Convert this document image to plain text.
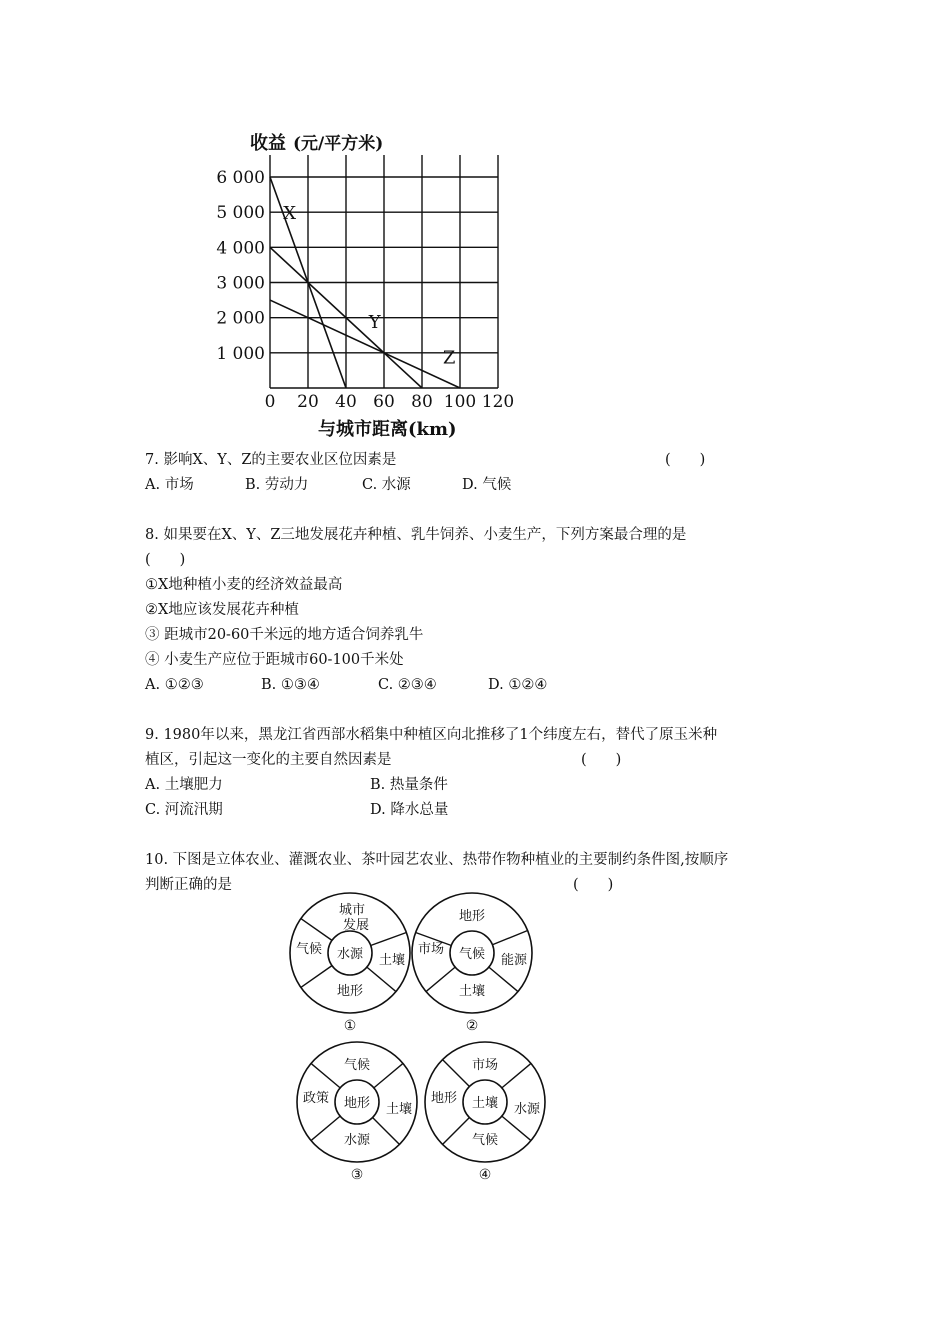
收益 (元/平方米)
0 20 40 60 80 100 120
1 000
2 000
3 000
4 000
5 000
6 000
X
Y
Z
与城市距离(km)
7. 影响X、Y、Z的主要农业区位因素是	(　　)
A. 市场	B. 劳动力	C. 水源	D. 气候
8. 如果要在X、Y、Z三地发展花卉种植、乳牛饲养、小麦生产，下列方案最合理的是
(　　)
①X地种植小麦的经济效益最高
②X地应该发展花卉种植
③ 距城市20-60千米远的地方适合饲养乳牛
④ 小麦生产应位于距城市60-100千米处
A. ①②③	B. ①③④	C. ②③④	D. ①②④
9. 1980年以来，黑龙江省西部水稻集中种植区向北推移了1个纬度左右，替代了原玉米种
植区，引起这一变化的主要自然因素是	(　　)
A. 土壤肥力	B. 热量条件
C. 河流汛期	D. 降水总量
10. 下图是立体农业、灌溉农业、茶叶园艺农业、热带作物种植业的主要制约条件图,按顺序
判断正确的是	(　　)
水源
城市
发展
土壤
地形
气候
①
气候
地形
能源
土壤
市场
②
地形
气候
土壤
水源
政策
③
土壤
市场
水源
气候
地形
④
